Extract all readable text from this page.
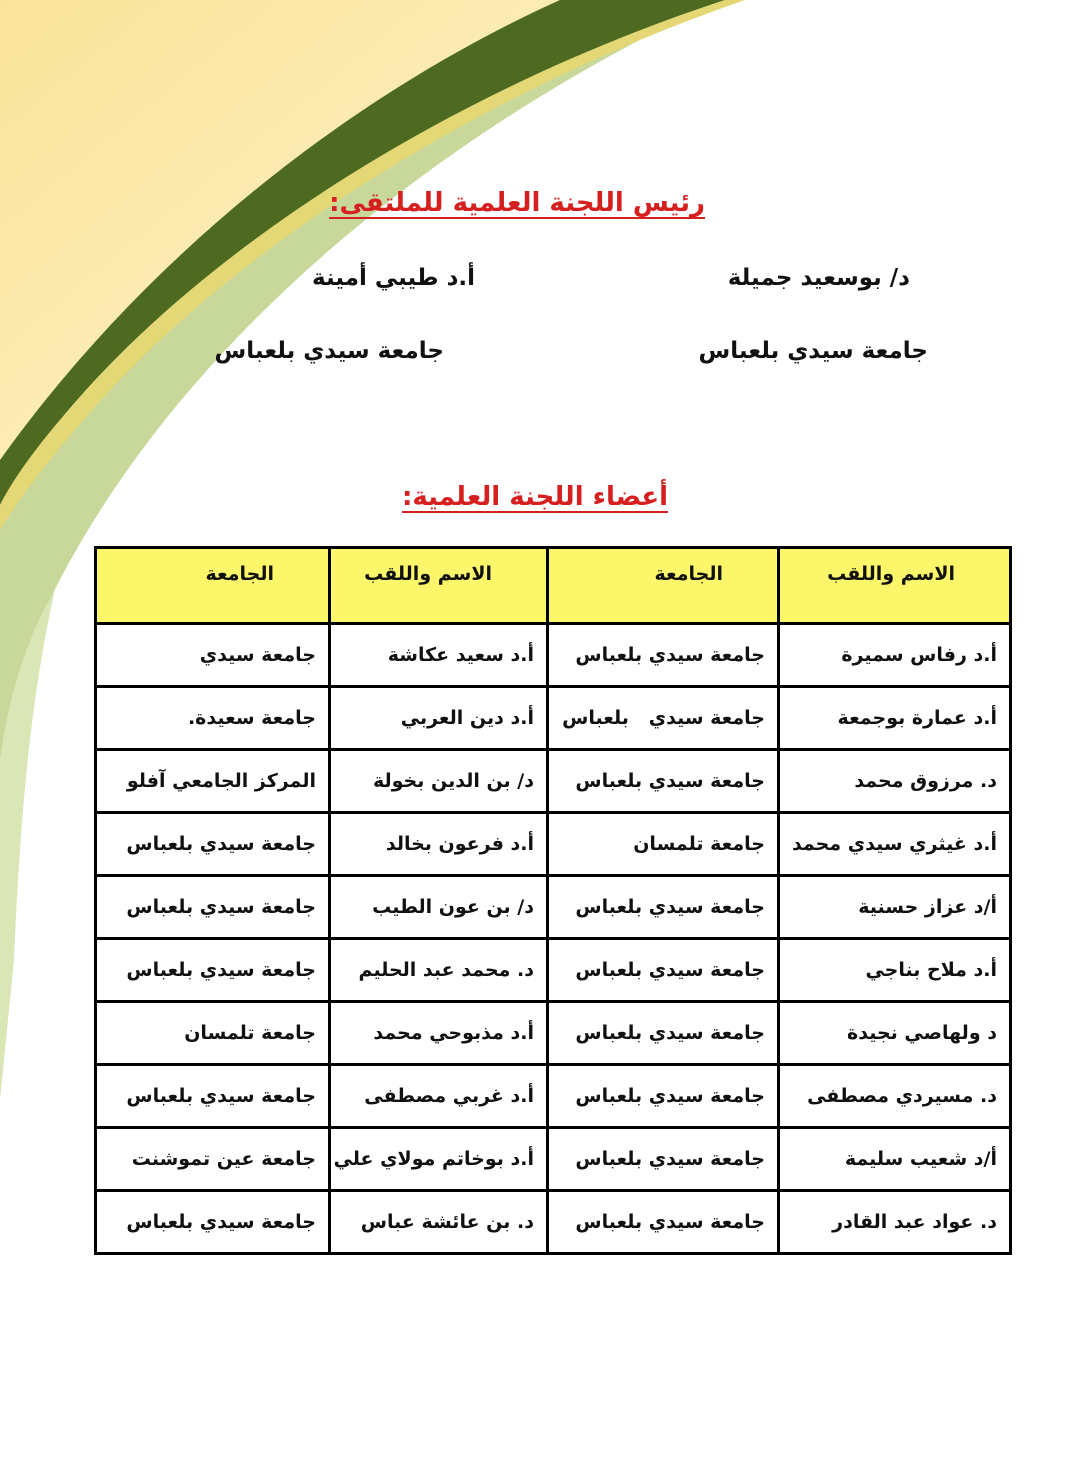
رئيس اللجنة العلمية للملتقى:
د/ بوسعيد جميلة
جامعة سيدي بلعباس
أ.د طيبي أمينة
جامعة سيدي بلعباس
أعضاء اللجنة العلمية:
الاسم واللقب	الجامعة	الاسم واللقب	الجامعة
أ.د رفاس سميرة	جامعة سيدي بلعباس	أ.د سعيد عكاشة	جامعة سيدي
أ.د عمارة بوجمعة	جامعة سيدي   بلعباس	أ.د دين العربي	جامعة سعيدة.
د. مرزوق محمد	جامعة سيدي بلعباس	د/ بن الدين بخولة	المركز الجامعي آفلو
أ.د غيثري سيدي محمد	جامعة تلمسان	أ.د فرعون بخالد	جامعة سيدي بلعباس
أ/د عزاز حسنية	جامعة سيدي بلعباس	د/ بن عون الطيب	جامعة سيدي بلعباس
أ.د ملاح بناجي	جامعة سيدي بلعباس	د. محمد عبد الحليم	جامعة سيدي بلعباس
د ولهاصي نجيدة	جامعة سيدي بلعباس	أ.د مذبوحي محمد	جامعة تلمسان
د. مسيردي مصطفى	جامعة سيدي بلعباس	أ.د غربي مصطفى	جامعة سيدي بلعباس
أ/د شعيب سليمة	جامعة سيدي بلعباس	أ.د بوخاتم مولاي علي	جامعة عين تموشنت
د. عواد عبد القادر	جامعة سيدي بلعباس	د. بن عائشة عباس	جامعة سيدي بلعباس
